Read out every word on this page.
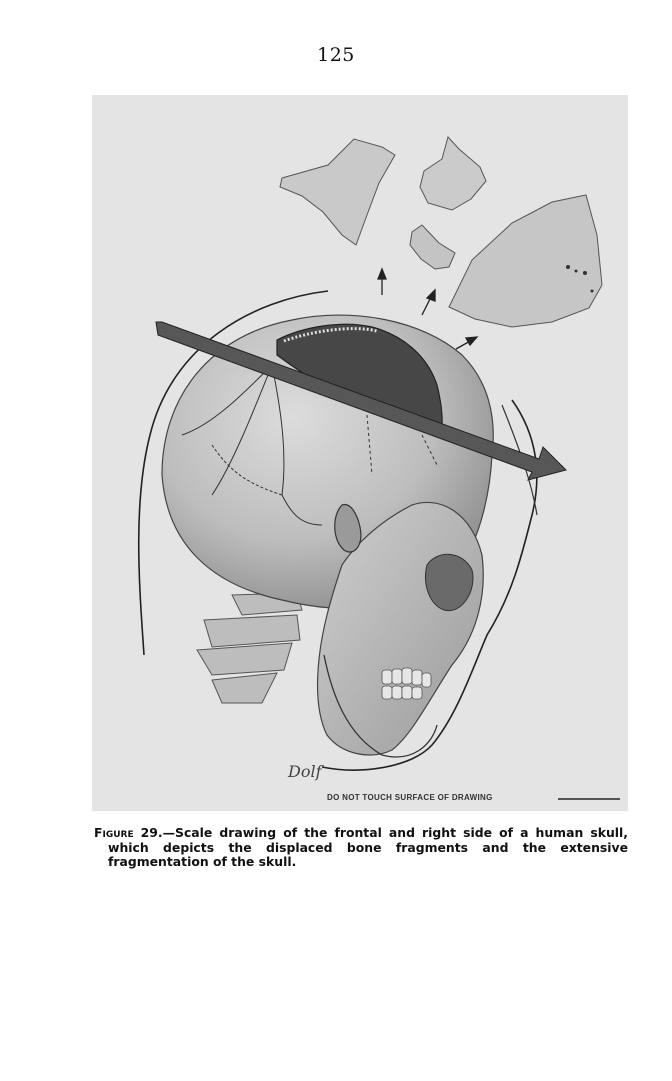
125
Dolf
DO NOT TOUCH SURFACE OF DRAWING
Figure 29.—Scale drawing of the frontal and right side of a human skull, which depicts the displaced bone fragments and the extensive fragmentation of the skull.
